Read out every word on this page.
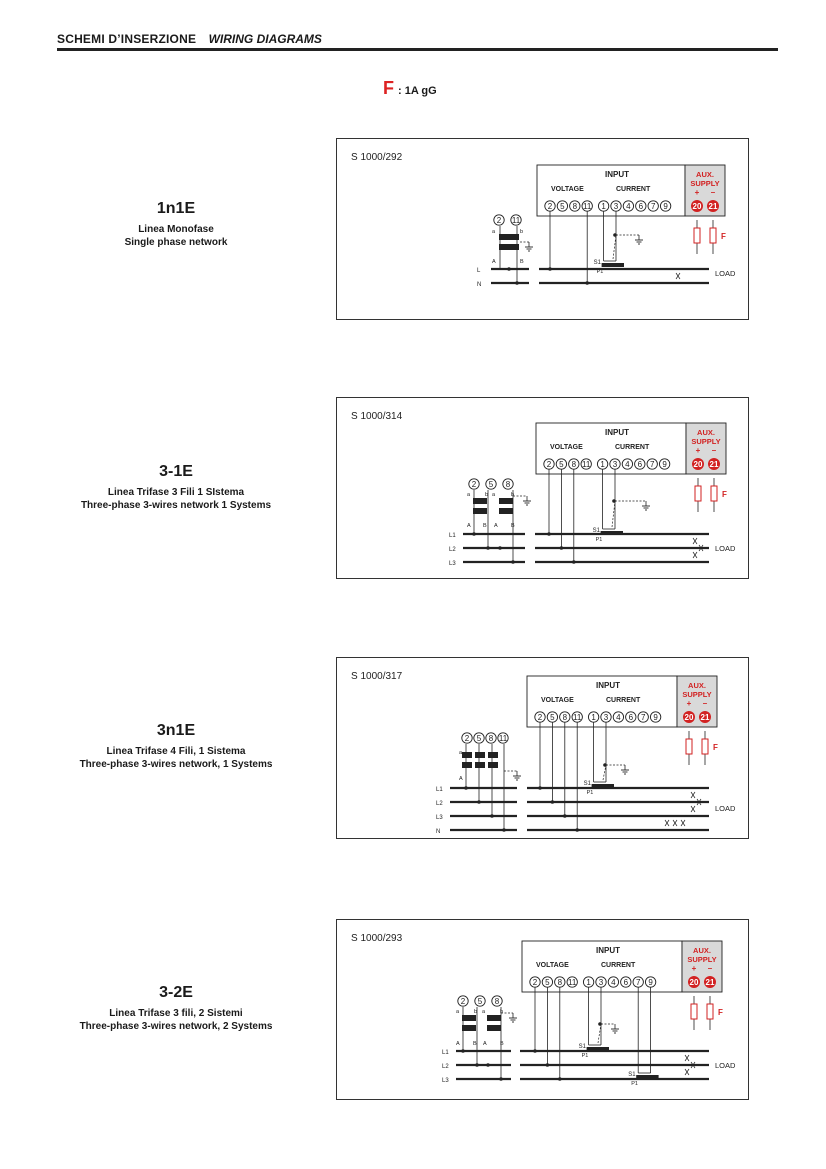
SCHEMI D’INSERZIONE WIRING DIAGRAMS
F : 1A gG
1n1E
Linea Monofase
Single phase network
S 1000/292
INPUT
VOLTAGE	CURRENT
AUX.
SUPPLY
+ –
2 5 8 11 1 3 4 6 7 9	20 21
F
L
N
LOAD
2 11
a	b
A	B	S1
P1
3-1E
Linea Trifase 3 Fili 1 SIstema
Three-phase 3-wires network 1 Systems
S 1000/314
INPUT
VOLTAGE	CURRENT
AUX.
SUPPLY
+ –
2 5 8 11 1 3 4 6 7 9	20 21
F
L1
L2
L3
LOAD
2 5 8
a	b a	b
A B A B
S1
P1
3n1E
Linea Trifase 4 Fili, 1 Sistema
Three-phase 3-wires network, 1 Systems
S 1000/317
INPUT
VOLTAGE	CURRENT
AUX.
SUPPLY
+ –
2 5 8 11 1 3 4 6 7 9	20 21
F
L1
L2
L3
N
LOAD
2 5 8 11
a
A
S1
P1
3-2E
Linea Trifase 3 fili, 2 Sistemi
Three-phase 3-wires network, 2 Systems
S 1000/293
INPUT
VOLTAGE	CURRENT
AUX.
SUPPLY
+ –
2 5 8 11 1 3 4 6 7 9	20 21
F
L1
L2
L3
LOAD
2 5 8
a	b a	b
A B A B	S1
P1
S1
P1
